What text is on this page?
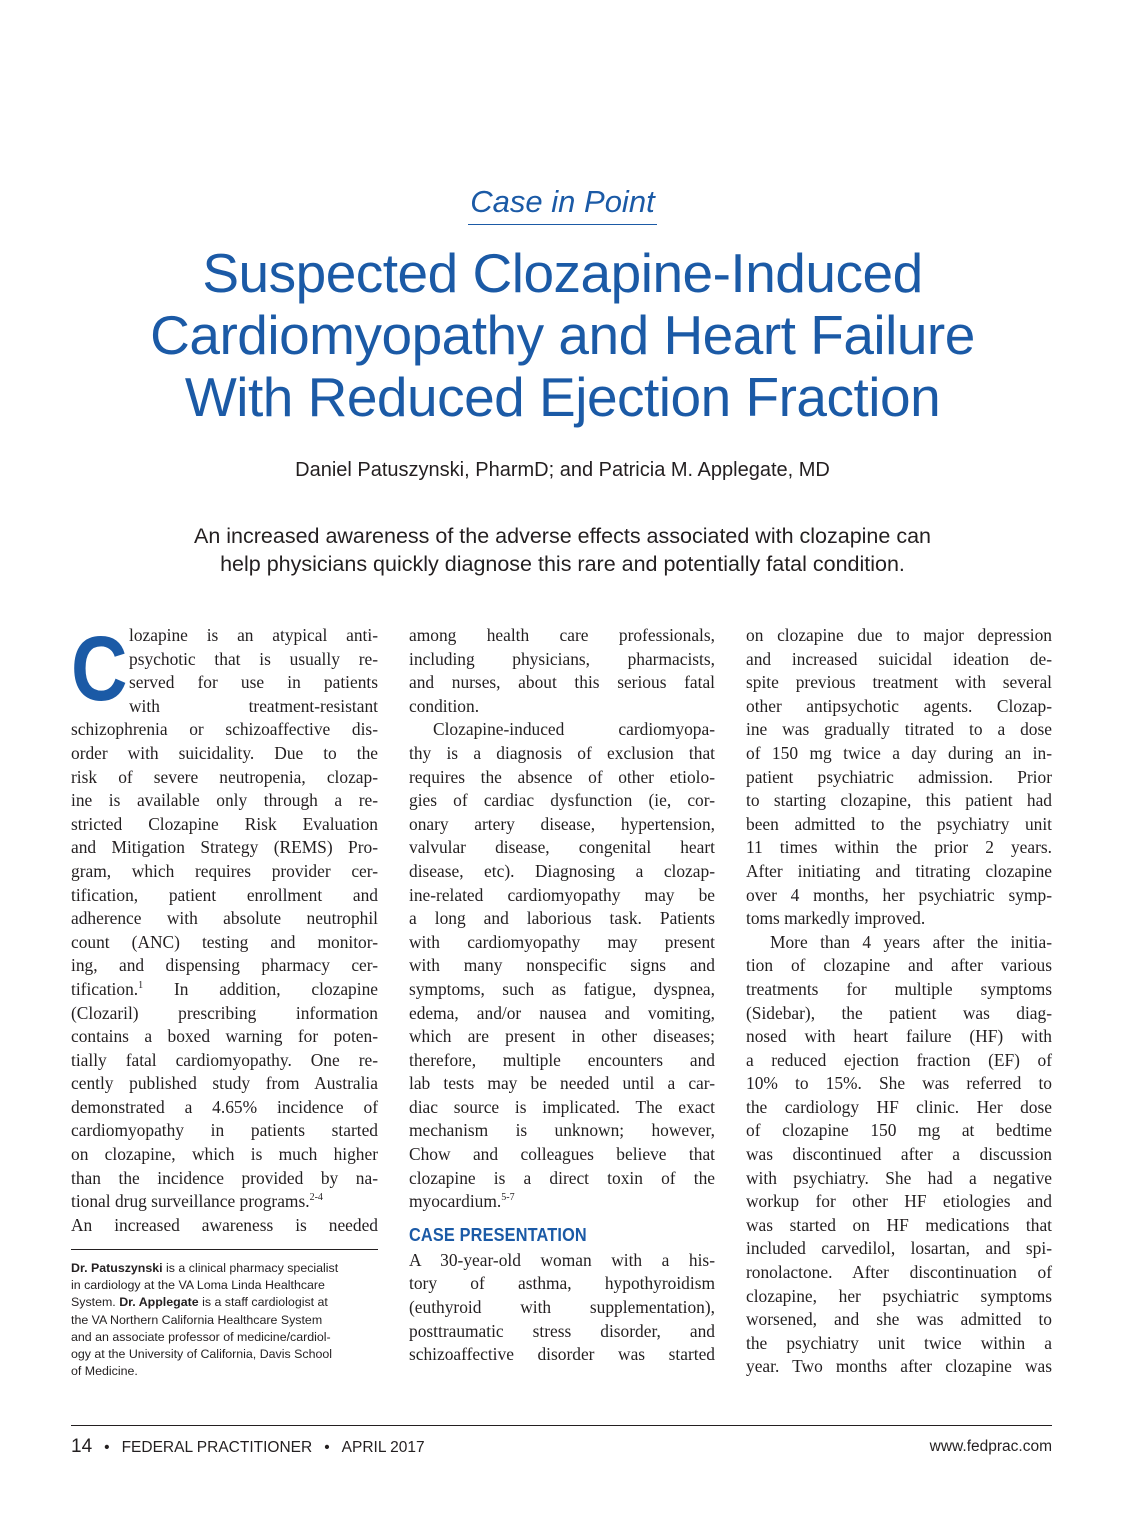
Case in Point
Suspected Clozapine-Induced
Cardiomyopathy and Heart Failure
With Reduced Ejection Fraction
Daniel Patuszynski, PharmD; and Patricia M. Applegate, MD
An increased awareness of the adverse effects associated with clozapine can
help physicians quickly diagnose this rare and potentially fatal condition.
C lozapine is an atypical anti-
psychotic that is usually re-
served for use in patients
with treatment-resistant
schizophrenia or schizoaffective dis-
order with suicidality. Due to the
risk of severe neutropenia, clozap-
ine is available only through a re-
stricted Clozapine Risk Evaluation
and Mitigation Strategy (REMS) Pro-
gram, which requires provider cer-
tification, patient enrollment and
adherence with absolute neutrophil
count (ANC) testing and monitor-
ing, and dispensing pharmacy cer-
tification.$^1$ In addition, clozapine
(Clozaril) prescribing information
contains a boxed warning for poten-
tially fatal cardiomyopathy. One re-
cently published study from Australia
demonstrated a 4.65% incidence of
cardiomyopathy in patients started
on clozapine, which is much higher
than the incidence provided by na-
tional drug surveillance programs.$^{2-4}$
An increased awareness is needed
Dr. Patuszynski is a clinical pharmacy specialist
in cardiology at the VA Loma Linda Healthcare
System. Dr. Applegate is a staff cardiologist at
the VA Northern California Healthcare System
and an associate professor of medicine/cardiol-
ogy at the University of California, Davis School
of Medicine.
among health care professionals,
including physicians, pharmacists,
and nurses, about this serious fatal
condition.
Clozapine-induced cardiomyopa-
thy is a diagnosis of exclusion that
requires the absence of other etiolo-
gies of cardiac dysfunction (ie, cor-
onary artery disease, hypertension,
valvular disease, congenital heart
disease, etc). Diagnosing a clozap-
ine-related cardiomyopathy may be
a long and laborious task. Patients
with cardiomyopathy may present
with many nonspecific signs and
symptoms, such as fatigue, dyspnea,
edema, and/or nausea and vomiting,
which are present in other diseases;
therefore, multiple encounters and
lab tests may be needed until a car-
diac source is implicated. The exact
mechanism is unknown; however,
Chow and colleagues believe that
clozapine is a direct toxin of the
myocardium.$^{5-7}$
CASE PRESENTATION
A 30-year-old woman with a his-
tory of asthma, hypothyroidism
(euthyroid with supplementation),
posttraumatic stress disorder, and
schizoaffective disorder was started
on clozapine due to major depression
and increased suicidal ideation de-
spite previous treatment with several
other antipsychotic agents. Clozap-
ine was gradually titrated to a dose
of 150 mg twice a day during an in-
patient psychiatric admission. Prior
to starting clozapine, this patient had
been admitted to the psychiatry unit
11 times within the prior 2 years.
After initiating and titrating clozapine
over 4 months, her psychiatric symp-
toms markedly improved.
More than 4 years after the initia-
tion of clozapine and after various
treatments for multiple symptoms
(Sidebar), the patient was diag-
nosed with heart failure (HF) with
a reduced ejection fraction (EF) of
10% to 15%. She was referred to
the cardiology HF clinic. Her dose
of clozapine 150 mg at bedtime
was discontinued after a discussion
with psychiatry. She had a negative
workup for other HF etiologies and
was started on HF medications that
included carvedilol, losartan, and spi-
ronolactone. After discontinuation of
clozapine, her psychiatric symptoms
worsened, and she was admitted to
the psychiatry unit twice within a
year. Two months after clozapine was
14 • FEDERAL PRACTITIONER • APRIL 2017	www.fedprac.com
